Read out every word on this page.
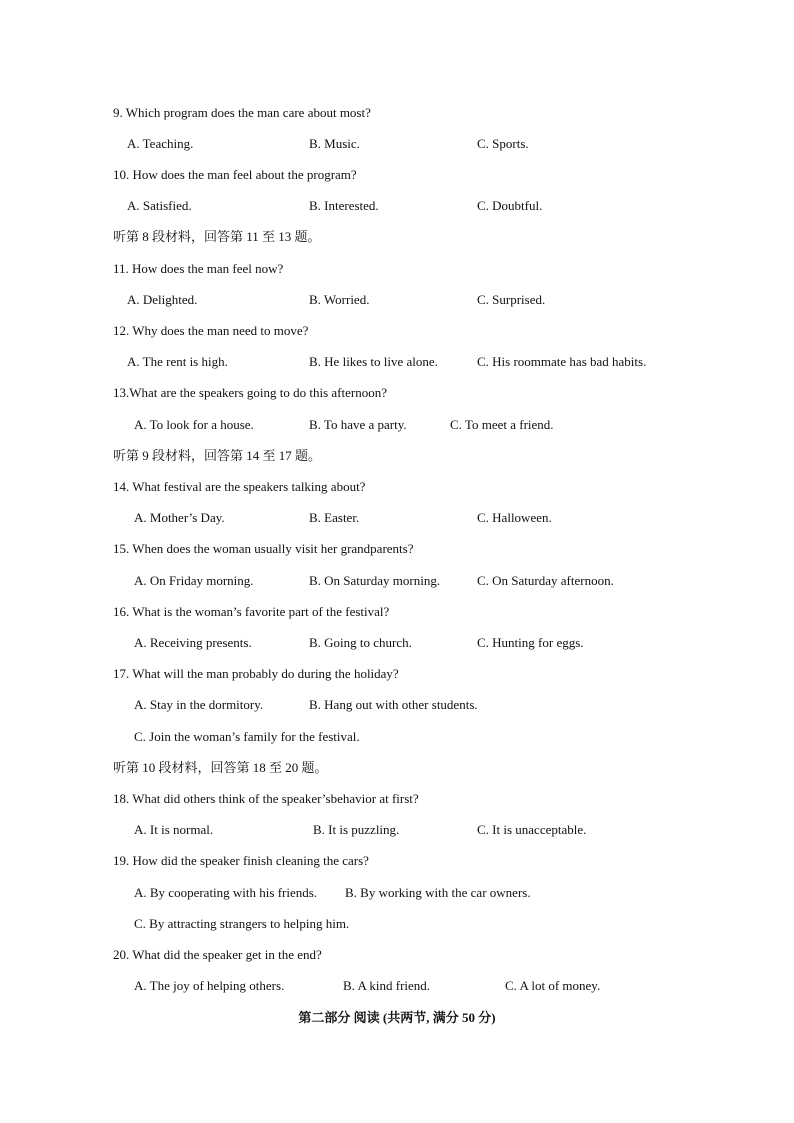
9. Which program does the man care about most?
A. Teaching.	B. Music.	C. Sports.
10. How does the man feel about the program?
A. Satisfied.	B. Interested.	C. Doubtful.
听第 8 段材料，回答第 11 至 13 题。
11. How does the man feel now?
A. Delighted.	B. Worried.	C. Surprised.
12. Why does the man need to move?
A. The rent is high.	B. He likes to live alone.	C. His roommate has bad habits.
13.What are the speakers going to do this afternoon?
A. To look for a house.	B. To have a party.	C. To meet a friend.
听第 9 段材料，回答第 14 至 17 题。
14. What festival are the speakers talking about?
A. Mother’s Day.	B. Easter.	C. Halloween.
15. When does the woman usually visit her grandparents?
A. On Friday morning.	B. On Saturday morning.	C. On Saturday afternoon.
16. What is the woman’s favorite part of the festival?
A. Receiving presents.	B. Going to church.	C. Hunting for eggs.
17. What will the man probably do during the holiday?
A. Stay in the dormitory.	B. Hang out with other students.
C. Join the woman’s family for the festival.
听第 10 段材料，回答第 18 至 20 题。
18. What did others think of the speaker’sbehavior at first?
A. It is normal.	B. It is puzzling.	C. It is unacceptable.
19. How did the speaker finish cleaning the cars?
A. By cooperating with his friends. B. By working with the car owners.
C. By attracting strangers to helping him.
20. What did the speaker get in the end?
A. The joy of helping others.	B. A kind friend.	C. A lot of money.
第二部分 阅读 (共两节, 满分 50 分)
